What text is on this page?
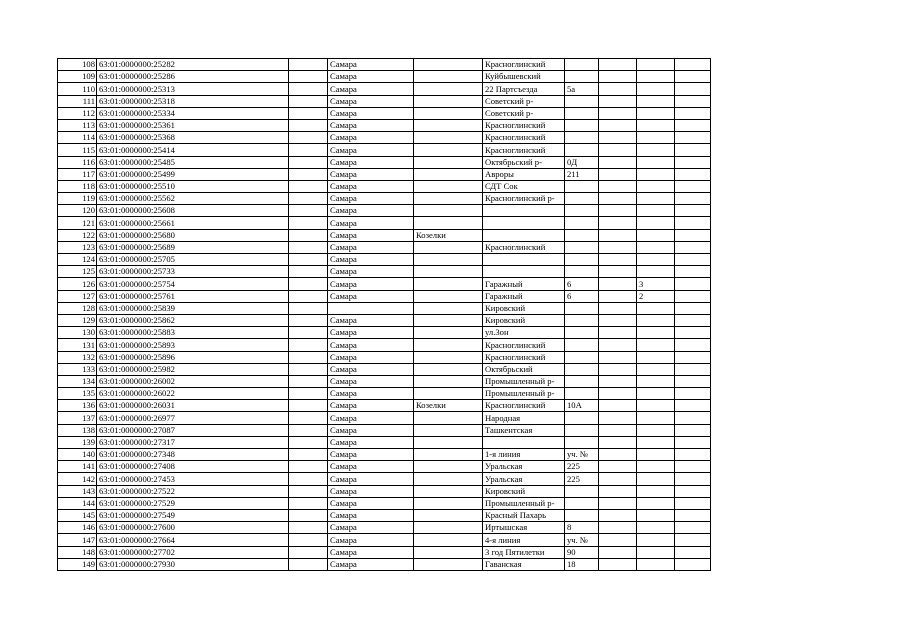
108	63:01:0000000:25282		Самара		Красноглинский				
109	63:01:0000000:25286		Самара		Куйбышевский				
110	63:01:0000000:25313		Самара		22 Партсъезда	5а			
111	63:01:0000000:25318		Самара		Советский р-				
112	63:01:0000000:25334		Самара		Советский р-				
113	63:01:0000000:25361		Самара		Красноглинский				
114	63:01:0000000:25368		Самара		Красноглинский				
115	63:01:0000000:25414		Самара		Красноглинский				
116	63:01:0000000:25485		Самара		Октябрьский р-	0Д			
117	63:01:0000000:25499		Самара		Авроры	211			
118	63:01:0000000:25510		Самара		СДТ Сок				
119	63:01:0000000:25562		Самара		Красноглинский р-				
120	63:01:0000000:25608		Самара						
121	63:01:0000000:25661		Самара						
122	63:01:0000000:25680		Самара	Козелки					
123	63:01:0000000:25689		Самара		Красноглинский				
124	63:01:0000000:25705		Самара						
125	63:01:0000000:25733		Самара						
126	63:01:0000000:25754		Самара		Гаражный	6		3	
127	63:01:0000000:25761		Самара		Гаражный	6		2	
128	63:01:0000000:25839				Кировский				
129	63:01:0000000:25862		Самара		Кировский				
130	63:01:0000000:25883		Самара		ул.3он				
131	63:01:0000000:25893		Самара		Красноглинский				
132	63:01:0000000:25896		Самара		Красноглинский				
133	63:01:0000000:25982		Самара		Октябрьский				
134	63:01:0000000:26002		Самара		Промышленный р-				
135	63:01:0000000:26022		Самара		Промышленный р-				
136	63:01:0000000:26031		Самара	Козелки	Красноглинский	10А			
137	63:01:0000000:26977		Самара		Народная				
138	63:01:0000000:27087		Самара		Ташкентская				
139	63:01:0000000:27317		Самара						
140	63:01:0000000:27348		Самара		1-я линия	уч. №			
141	63:01:0000000:27408		Самара		Уральская	225			
142	63:01:0000000:27453		Самара		Уральская	225			
143	63:01:0000000:27522		Самара		Кировский				
144	63:01:0000000:27529		Самара		Промышленный р-				
145	63:01:0000000:27549		Самара		Красный Пахарь				
146	63:01:0000000:27600		Самара		Иртышская	8			
147	63:01:0000000:27664		Самара		4-я линия	уч. №			
148	63:01:0000000:27702		Самара		3 год Пятилетки	90			
149	63:01:0000000:27930		Самара		Гаванская	18			
